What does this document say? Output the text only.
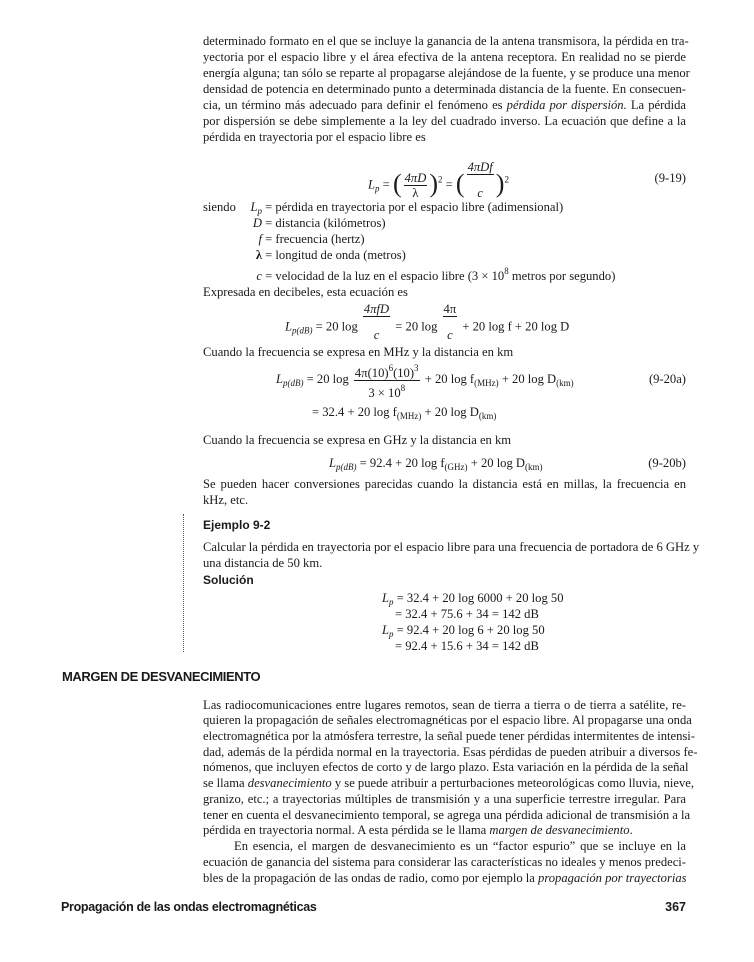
determinado formato en el que se incluye la ganancia de la antena transmisora, la pérdida en tra-
yectoria por el espacio libre y el área efectiva de la antena receptora. En realidad no se pierde
energía alguna; tan sólo se reparte al propagarse alejándose de la fuente, y se produce una menor
densidad de potencia en determinado punto a determinada distancia de la fuente. En consecuen-
cia, un término más adecuado para definir el fenómeno es pérdida por dispersión. La pérdida
por dispersión se debe simplemente a la ley del cuadrado inverso. La ecuación que define a la
pérdida en trayectoria por el espacio libre es
$L_p$ = ( $\frac{4\pi D}{\lambda} )^2$ = ( $\frac{\text{4πDf}}{c})^2$	(9-19)
siendo	$L_p$ = pérdida en trayectoria por el espacio libre (adimensional)
D = distancia (kilómetros)
f = frecuencia (hertz)
λ = longitud de onda (metros)
c = velocidad de la luz en el espacio libre ($3 \times 10^8$ metros por segundo)
Expresada en decibeles, esta ecuación es
$L_{p(dB)} = 20$ $\log \frac{\text{4πfD}}{c} = 20$ $\log \frac{4\pi}{c} + 20$ log f + 20 log D
Cuando la frecuencia se expresa en MHz y la distancia en km
$L_{p(dB)} = 20$ $\log \frac{4\pi(10)^6(10)^3}{3 \times 10^8} + 20$ $\log f_{(MHz)} + 20$ $\log D_{(km)}$	(9-20a)
= 32.4 + 20 $\log f_{(MHz)} + 20$ $\log D_{(km)}$
Cuando la frecuencia se expresa en GHz y la distancia en km
$L_{p(dB)} = 92.4 + 20$ $\log f_{(GHz)} + 20$ $\log D_{(km)}$	(9-20b)
Se pueden hacer conversiones parecidas cuando la distancia está en millas, la frecuencia en
kHz, etc.
Ejemplo 9-2
Calcular la pérdida en trayectoria por el espacio libre para una frecuencia de portadora de 6 GHz y
una distancia de 50 km.
Solución
$L_p = 32.4 + 20$ log 6000 + 20 log 50
= 32.4 + 75.6 + 34 = 142 dB
$L_p = 92.4 + 20$ log 6 + 20 log 50
= 92.4 + 15.6 + 34 = 142 dB
MARGEN DE DESVANECIMIENTO
Las radiocomunicaciones entre lugares remotos, sean de tierra a tierra o de tierra a satélite, re-
quieren la propagación de señales electromagnéticas por el espacio libre. Al propagarse una onda
electromagnética por la atmósfera terrestre, la señal puede tener pérdidas intermitentes de intensi-
dad, además de la pérdida normal en la trayectoria. Esas pérdidas de pueden atribuir a diversos fe-
nómenos, que incluyen efectos de corto y de largo plazo. Esta variación en la pérdida de la señal
se llama desvanecimiento y se puede atribuir a perturbaciones meteorológicas como lluvia, nieve,
granizo, etc.; a trayectorias múltiples de transmisión y a una superficie terrestre irregular. Para
tener en cuenta el desvanecimiento temporal, se agrega una pérdida adicional de transmisión a la
pérdida en trayectoria normal. A esta pérdida se le llama margen de desvanecimiento.
En esencia, el margen de desvanecimiento es un “factor espurio” que se incluye en la
ecuación de ganancia del sistema para considerar las características no ideales y menos predeci-
bles de la propagación de las ondas de radio, como por ejemplo la propagación por trayectorias
Propagación de las ondas electromagnéticas	367
